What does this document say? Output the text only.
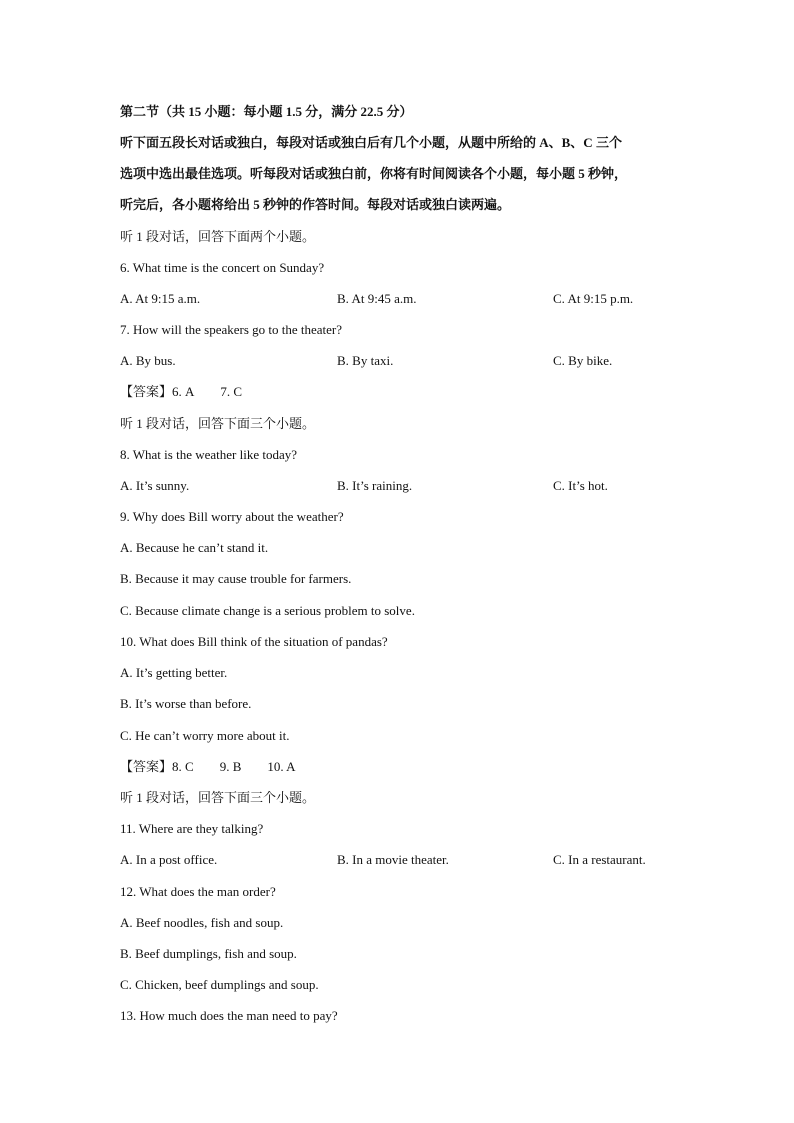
第二节（共 15 小题：每小题 1.5 分，满分 22.5 分）
听下面五段长对话或独白，每段对话或独白后有几个小题，从题中所给的 A、B、C 三个
选项中选出最佳选项。听每段对话或独白前，你将有时间阅读各个小题，每小题 5 秒钟，
听完后，各小题将给出 5 秒钟的作答时间。每段对话或独白读两遍。
听 1 段对话，回答下面两个小题。
6. What time is the concert on Sunday?
A. At 9:15 a.m.	B. At 9:45 a.m.	C. At 9:15 p.m.
7. How will the speakers go to the theater?
A. By bus.	B. By taxi.	C. By bike.
【答案】6. A 7. C
听 1 段对话，回答下面三个小题。
8. What is the weather like today?
A. It’s sunny.	B. It’s raining.	C. It’s hot.
9. Why does Bill worry about the weather?
A. Because he can’t stand it.
B. Because it may cause trouble for farmers.
C. Because climate change is a serious problem to solve.
10. What does Bill think of the situation of pandas?
A. It’s getting better.
B. It’s worse than before.
C. He can’t worry more about it.
【答案】8. C 9. B 10. A
听 1 段对话，回答下面三个小题。
11. Where are they talking?
A. In a post office.	B. In a movie theater.	C. In a restaurant.
12. What does the man order?
A. Beef noodles, fish and soup.
B. Beef dumplings, fish and soup.
C. Chicken, beef dumplings and soup.
13. How much does the man need to pay?
